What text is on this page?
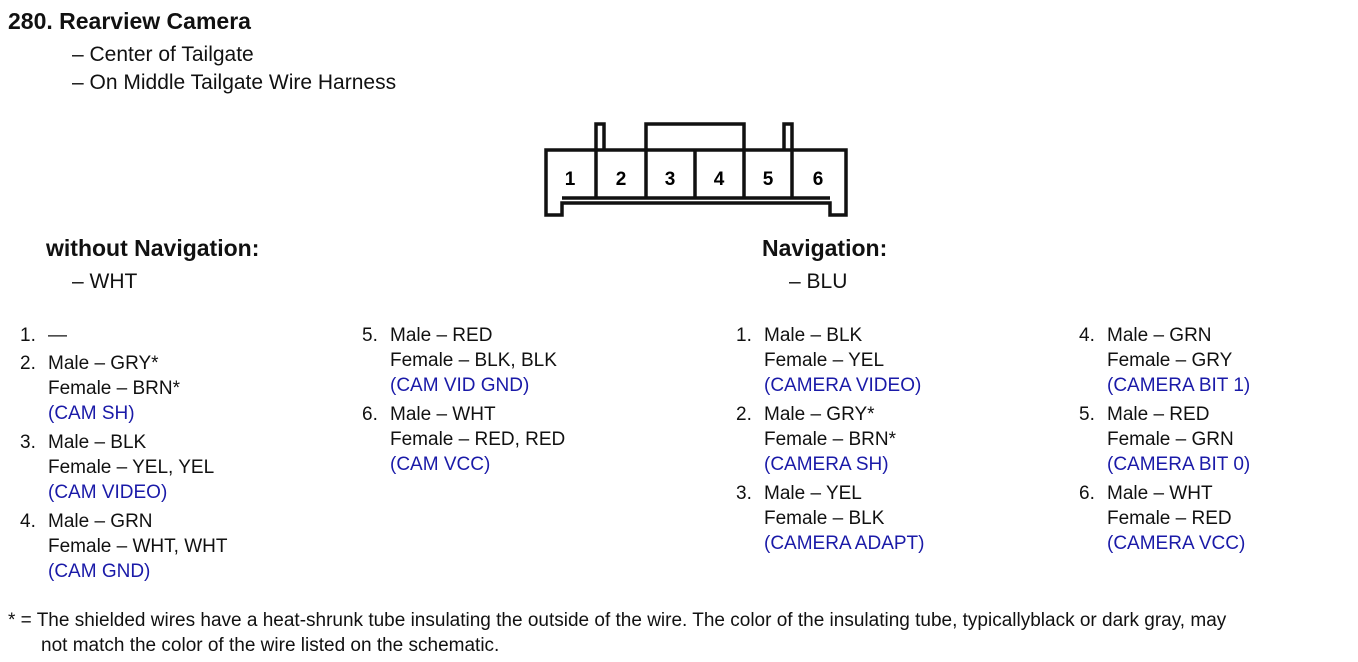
280. Rearview Camera
– Center of Tailgate
– On Middle Tailgate Wire Harness
1 2 3 4 5 6
without Navigation:
– WHT
Navigation:
– BLU
1. —
2. Male – GRY*
Female – BRN*
(CAM SH)
3. Male – BLK
Female – YEL, YEL
(CAM VIDEO)
4. Male – GRN
Female – WHT, WHT
(CAM GND)
5. Male – RED
Female – BLK, BLK
(CAM VID GND)
6. Male – WHT
Female – RED, RED
(CAM VCC)
1. Male – BLK
Female – YEL
(CAMERA VIDEO)
2. Male – GRY*
Female – BRN*
(CAMERA SH)
3. Male – YEL
Female – BLK
(CAMERA ADAPT)
4. Male – GRN
Female – GRY
(CAMERA BIT 1)
5. Male – RED
Female – GRN
(CAMERA BIT 0)
6. Male – WHT
Female – RED
(CAMERA VCC)
* = The shielded wires have a heat-shrunk tube insulating the outside of the wire. The color of the insulating tube, typicallyblack or dark gray, may
not match the color of the wire listed on the schematic.
